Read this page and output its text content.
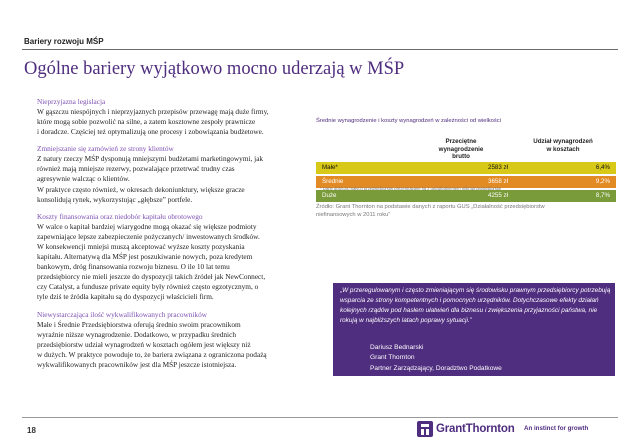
Bariery rozwoju MŚP
Ogólne bariery wyjątkowo mocno uderzają w MŚP
Nieprzyjazna legislacja
W gąszczu niespójnych i nieprzyjaznych przepisów przewagę mają duże firmy,
które mogą sobie pozwolić na silne, a zatem kosztowne zespoły prawnicze
i doradcze. Częściej też optymalizują one procesy i zobowiązania budżetowe.
Zmniejszanie się zamówień ze strony klientów
Z natury rzeczy MŚP dysponują mniejszymi budżetami marketingowymi, jak
również mają mniejsze rezerwy, pozwalające przetrwać trudny czas
agresywnie walcząc o klientów.
W praktyce często również, w okresach dekoniunktury, większe gracze
konsolidują rynek, wykorzystując „głębsze” portfele.
Koszty finansowania oraz niedobór kapitału obrotowego
W walce o kapitał bardziej wiarygodne mogą okazać się większe podmioty
zapewniające lepsze zabezpieczenie pożyczanych/ inwestowanych środków.
W konsekwencji mniejsi muszą akceptować wyższe koszty pozyskania
kapitału. Alternatywą dla MŚP jest poszukiwanie nowych, poza kredytem
bankowym, dróg finansowania rozwoju biznesu. O ile 10 lat temu
przedsiębiorcy nie mieli jeszcze do dyspozycji takich źródeł jak NewConnect,
czy Catalyst, a fundusze private equity były również często egzotycznym, o
tyle dziś te źródła kapitału są do dyspozycji właścicieli firm.
Niewystarczająca ilość wykwalifikowanych pracowników
Małe i Średnie Przedsiębiorstwa oferują średnio swoim pracownikom
wyraźnie niższe wynagrodzenie. Dodatkowo, w przypadku średnich
przedsiębiorstw udział wynagrodzeń w kosztach ogółem jest większy niż
w dużych. W praktyce powoduje to, że bariera związana z ograniczona podażą
wykwalifikowanych pracowników jest dla MŚP jeszcze istotniejsza.
Średnie wynagrodzenie i koszty wynagrodzeń w zależności od wielkości
Przeciętne
wynagrodzenie
brutto
Udział wynagrodzeń
w kosztach
Małe*	2583 zł	6,4%
Średnie	3658 zł	9,2%
Duże	4255 zł	8,7%
* Dane dotyczą małych przedsiębiorstw prezentowane są z uwzględnieniem mikroprzedsiębiorstw
Źródło: Grant Thornton na podstawie danych z raportu GUS „Działalność przedsiębiorstw niefinansowych w 2011 roku”
„W przeregulowanym i często zmieniającym się środowisku prawnym przedsiębiorcy potrzebują wsparcia ze strony kompetentnych i pomocnych urzędników. Dotychczasowe efekty działań kolejnych rządów pod hasłem ułatwień dla biznesu i zwiększenia przyjazności państwa, nie rokują w najbliższych latach poprawy sytuacji.”
Dariusz Bednarski
Grant Thornton
Partner Zarządzający, Doradztwo Podatkowe
18	GrantThornton An instinct for growth
